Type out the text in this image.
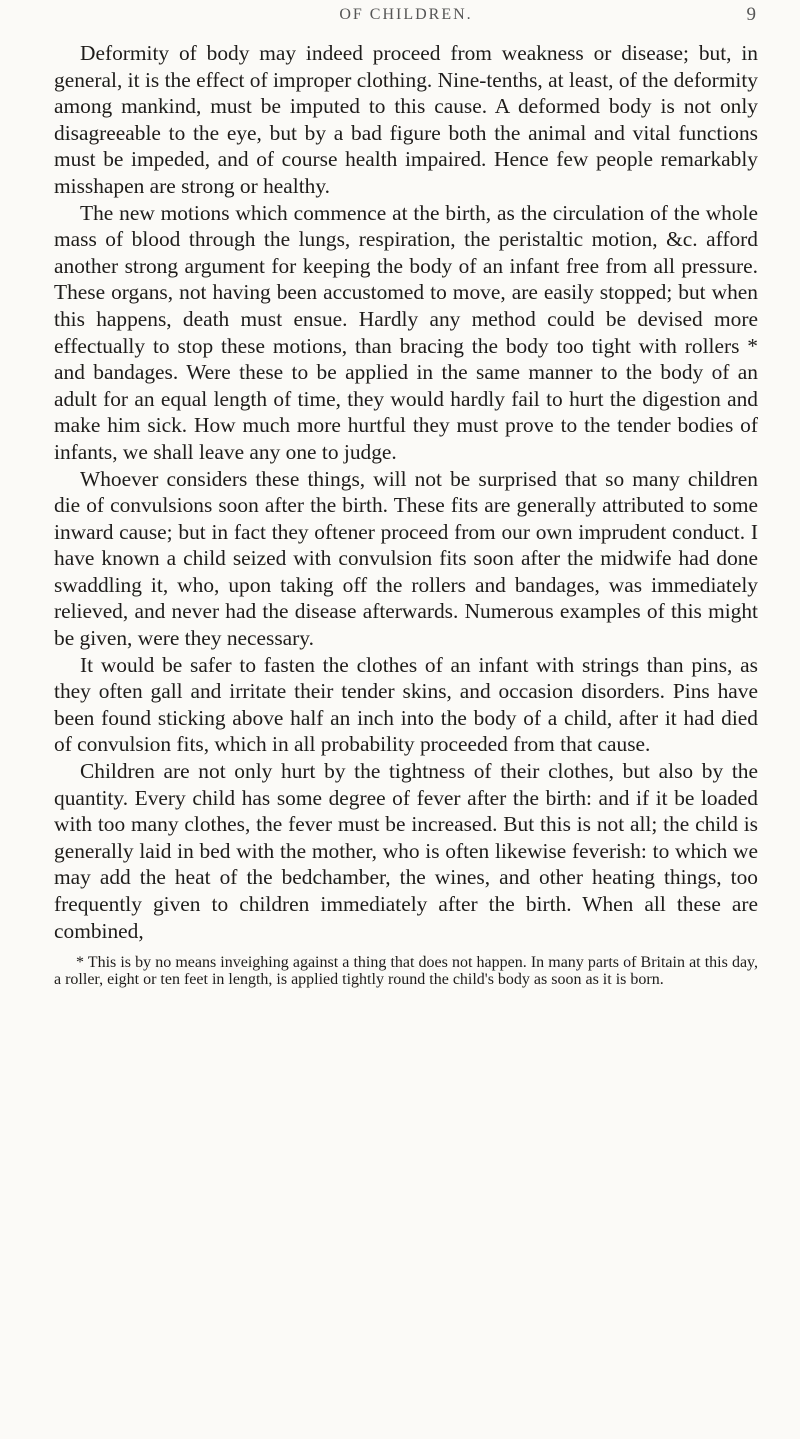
OF CHILDREN.	9

Deformity of body may indeed proceed from weakness or disease; but, in general, it is the effect of improper clothing. Nine-tenths, at least, of the deformity among mankind, must be imputed to this cause. A deformed body is not only disagreeable to the eye, but by a bad figure both the animal and vital functions must be impeded, and of course health impaired. Hence few people remarkably misshapen are strong or healthy.

The new motions which commence at the birth, as the circulation of the whole mass of blood through the lungs, respiration, the peristaltic motion, &c. afford another strong argument for keeping the body of an infant free from all pressure. These organs, not having been accustomed to move, are easily stopped; but when this happens, death must ensue. Hardly any method could be devised more effectually to stop these motions, than bracing the body too tight with rollers * and bandages. Were these to be applied in the same manner to the body of an adult for an equal length of time, they would hardly fail to hurt the digestion and make him sick. How much more hurtful they must prove to the tender bodies of infants, we shall leave any one to judge.

Whoever considers these things, will not be surprised that so many children die of convulsions soon after the birth. These fits are generally attributed to some inward cause; but in fact they oftener proceed from our own imprudent conduct. I have known a child seized with convulsion fits soon after the midwife had done swaddling it, who, upon taking off the rollers and bandages, was immediately relieved, and never had the disease afterwards. Numerous examples of this might be given, were they necessary.

It would be safer to fasten the clothes of an infant with strings than pins, as they often gall and irritate their tender skins, and occasion disorders. Pins have been found sticking above half an inch into the body of a child, after it had died of convulsion fits, which in all probability proceeded from that cause.

Children are not only hurt by the tightness of their clothes, but also by the quantity. Every child has some degree of fever after the birth: and if it be loaded with too many clothes, the fever must be increased. But this is not all; the child is generally laid in bed with the mother, who is often likewise feverish: to which we may add the heat of the bedchamber, the wines, and other heating things, too frequently given to children immediately after the birth. When all these are combined,

* This is by no means inveighing against a thing that does not happen. In many parts of Britain at this day, a roller, eight or ten feet in length, is applied tightly round the child's body as soon as it is born.
